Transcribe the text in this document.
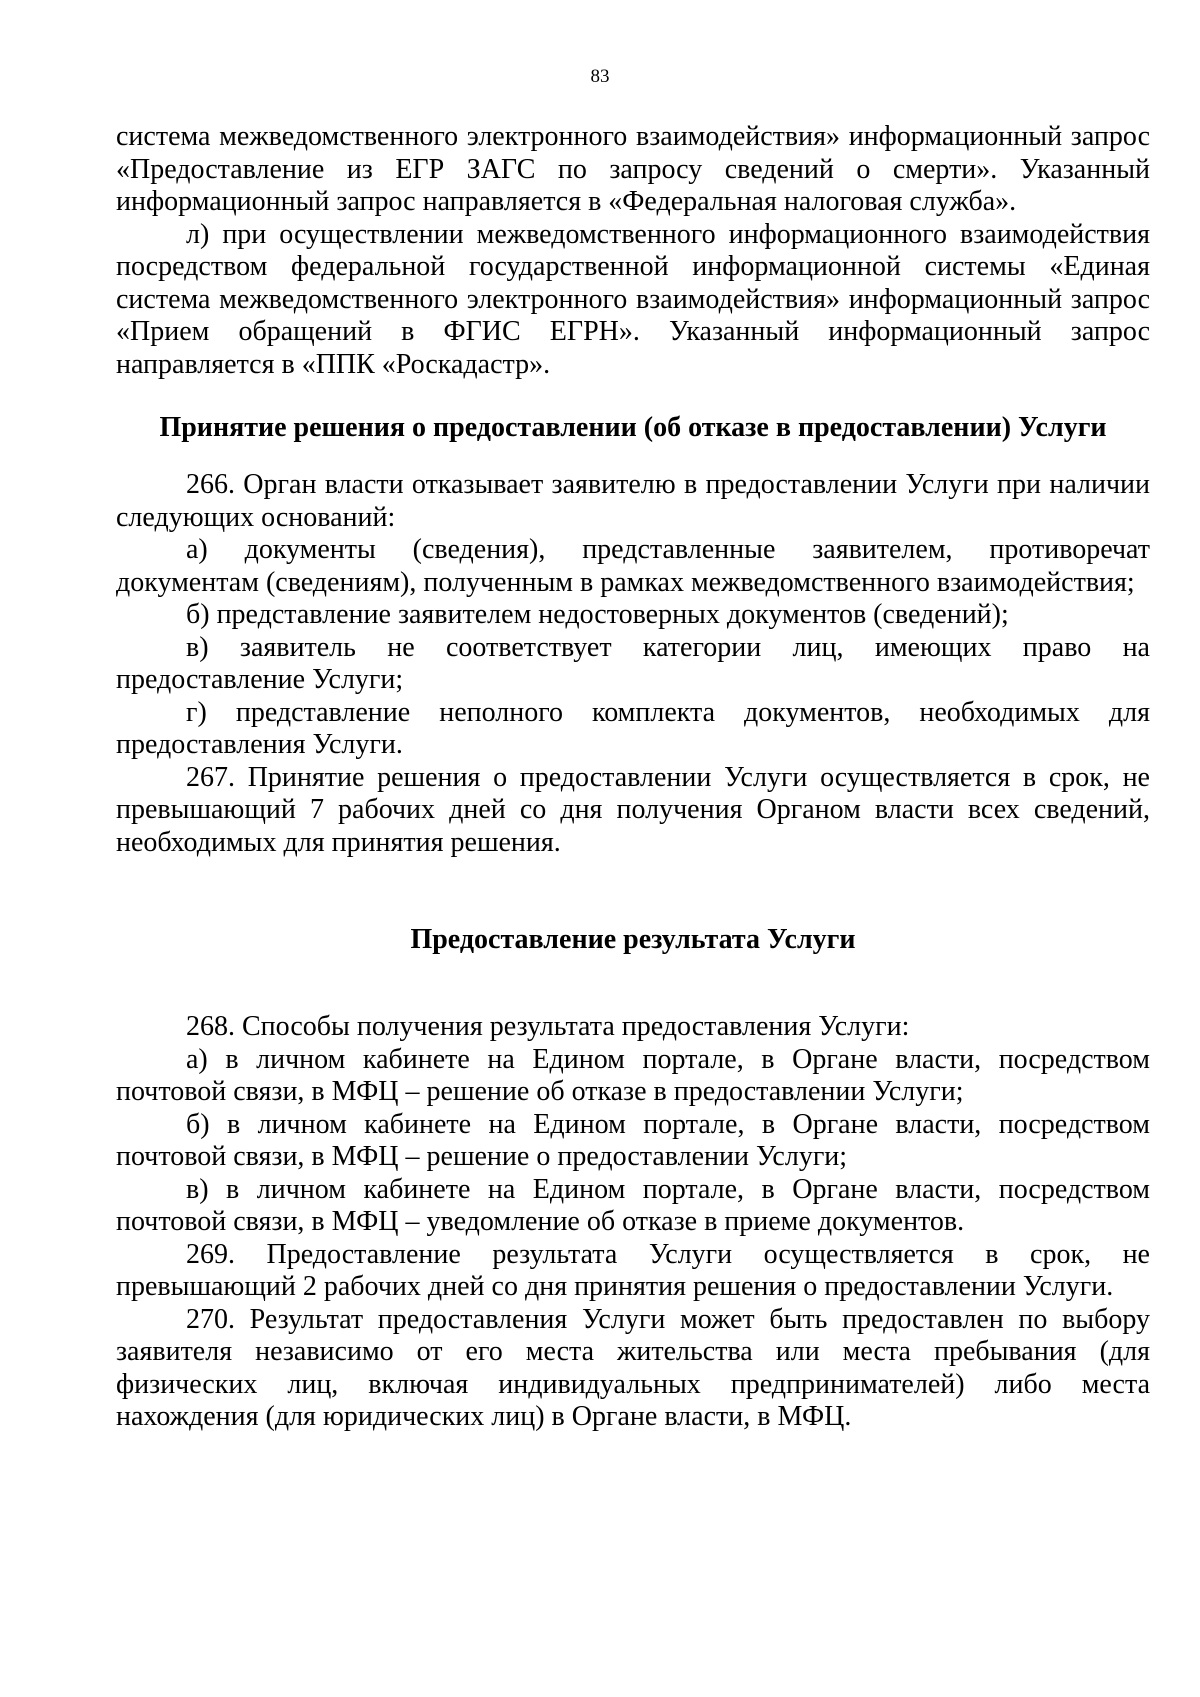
83

система межведомственного электронного взаимодействия» информационный запрос «Предоставление из ЕГР ЗАГС по запросу сведений о смерти». Указанный информационный запрос направляется в «Федеральная налоговая служба».

л) при осуществлении межведомственного информационного взаимодействия посредством федеральной государственной информационной системы «Единая система межведомственного электронного взаимодействия» информационный запрос «Прием обращений в ФГИС ЕГРН». Указанный информационный запрос направляется в «ППК «Роскадастр».

Принятие решения о предоставлении (об отказе в предоставлении) Услуги

266. Орган власти отказывает заявителю в предоставлении Услуги при наличии следующих оснований:

а) документы (сведения), представленные заявителем, противоречат документам (сведениям), полученным в рамках межведомственного взаимодействия;

б) представление заявителем недостоверных документов (сведений);

в) заявитель не соответствует категории лиц, имеющих право на предоставление Услуги;

г) представление неполного комплекта документов, необходимых для предоставления Услуги.

267. Принятие решения о предоставлении Услуги осуществляется в срок, не превышающий 7 рабочих дней со дня получения Органом власти всех сведений, необходимых для принятия решения.

Предоставление результата Услуги

268. Способы получения результата предоставления Услуги:

а) в личном кабинете на Едином портале, в Органе власти, посредством почтовой связи, в МФЦ – решение об отказе в предоставлении Услуги;

б) в личном кабинете на Едином портале, в Органе власти, посредством почтовой связи, в МФЦ – решение о предоставлении Услуги;

в) в личном кабинете на Едином портале, в Органе власти, посредством почтовой связи, в МФЦ – уведомление об отказе в приеме документов.

269. Предоставление результата Услуги осуществляется в срок, не превышающий 2 рабочих дней со дня принятия решения о предоставлении Услуги.

270. Результат предоставления Услуги может быть предоставлен по выбору заявителя независимо от его места жительства или места пребывания (для физических лиц, включая индивидуальных предпринимателей) либо места нахождения (для юридических лиц) в Органе власти, в МФЦ.
